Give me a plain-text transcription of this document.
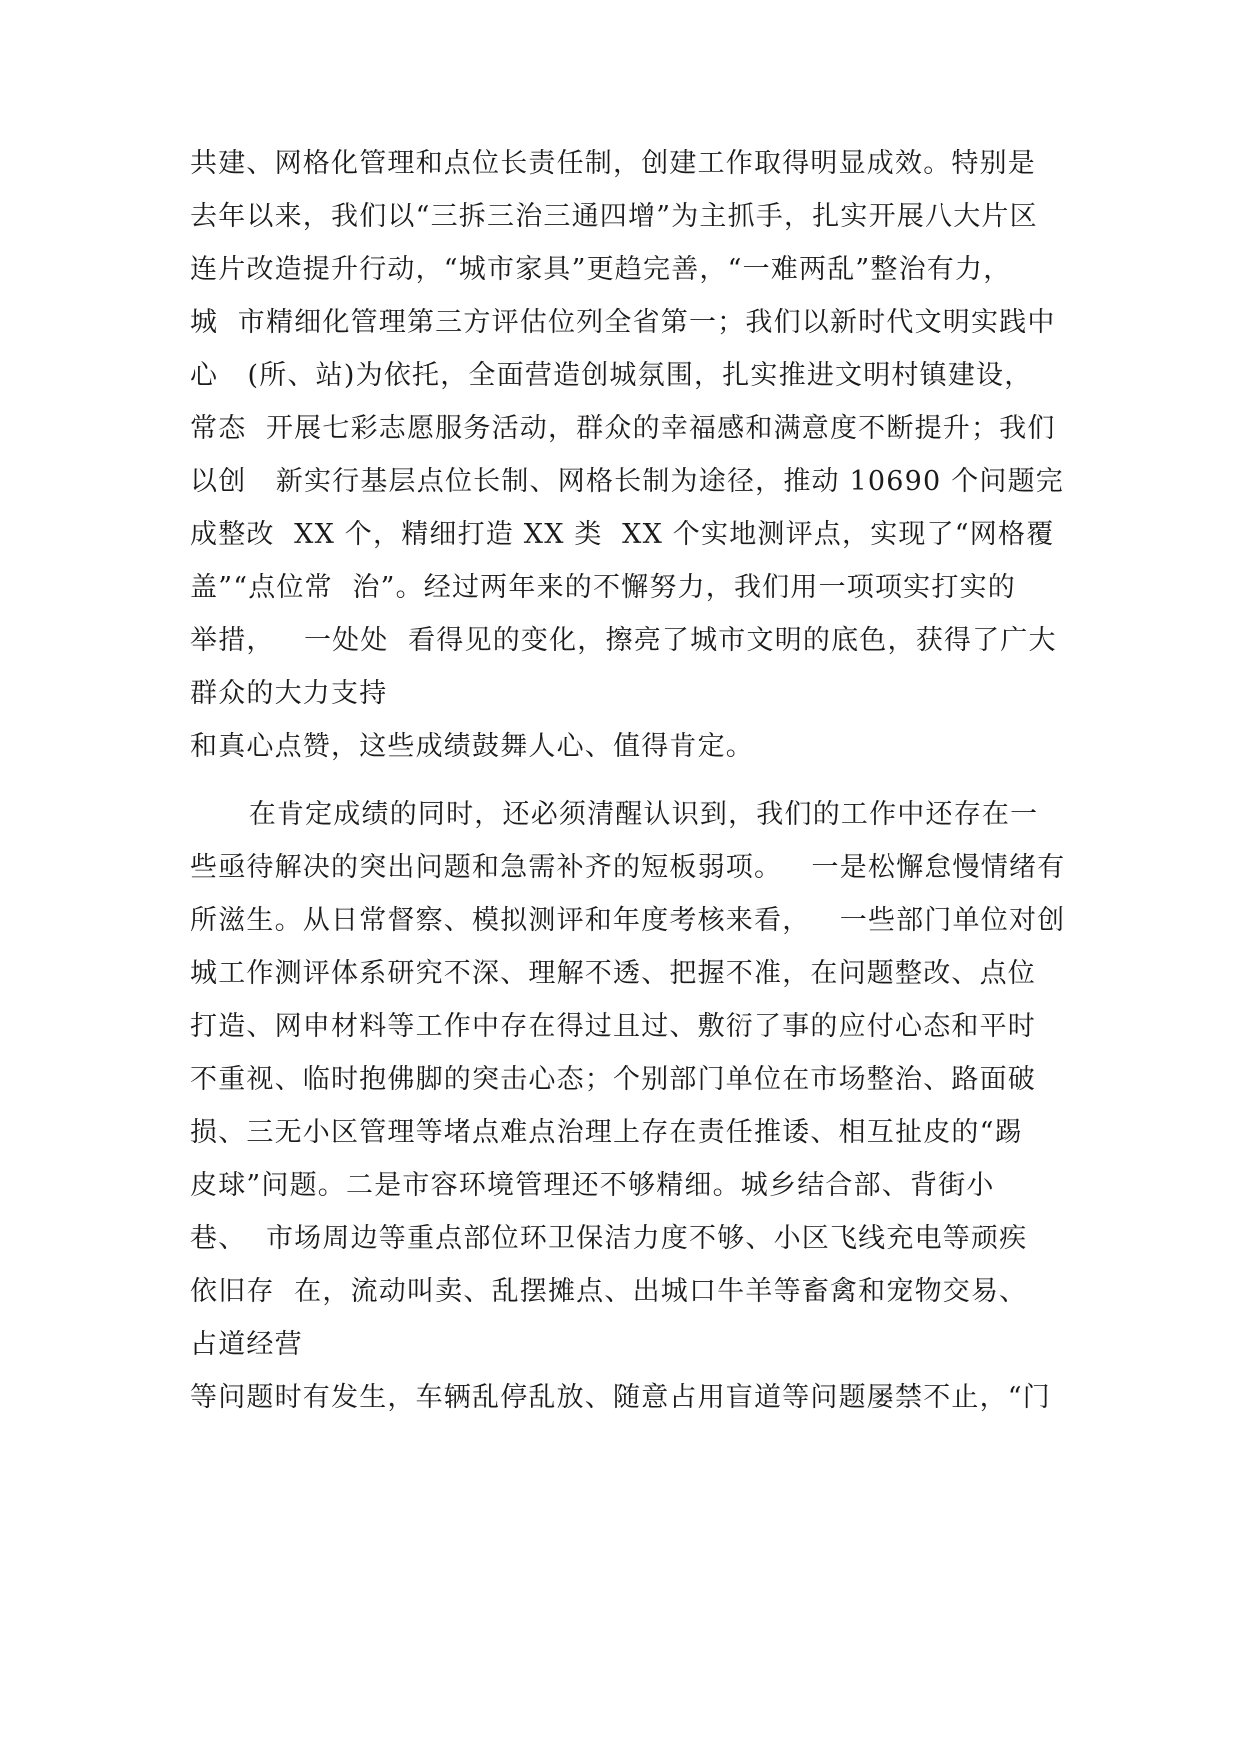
共建、网格化管理和点位长责任制，创建工作取得明显成效。特别是

去年以来，我们以“三拆三治三通四增”为主抓手，扎实开展八大片区

连片改造提升行动，“城市家具”更趋完善，“一难两乱”整治有力，

城  市精细化管理第三方评估位列全省第一；我们以新时代文明实践中

心   (所、站)为依托，全面营造创城氛围，扎实推进文明村镇建设，

常态  开展七彩志愿服务活动，群众的幸福感和满意度不断提升；我们

以创   新实行基层点位长制、网格长制为途径，推动 10690 个问题完

成整改  XX 个，精细打造 XX 类  XX 个实地测评点，实现了“网格覆

盖”“点位常  治”。经过两年来的不懈努力，我们用一项项实打实的

举措，   一处处  看得见的变化，擦亮了城市文明的底色，获得了广大

群众的大力支持

和真心点赞，这些成绩鼓舞人心、值得肯定。

在肯定成绩的同时，还必须清醒认识到，我们的工作中还存在一

些亟待解决的突出问题和急需补齐的短板弱项。   一是松懈怠慢情绪有

所滋生。从日常督察、模拟测评和年度考核来看，   一些部门单位对创

城工作测评体系研究不深、理解不透、把握不准，在问题整改、点位

打造、网申材料等工作中存在得过且过、敷衍了事的应付心态和平时

不重视、临时抱佛脚的突击心态；个别部门单位在市场整治、路面破

损、三无小区管理等堵点难点治理上存在责任推诿、相互扯皮的“踢

皮球”问题。二是市容环境管理还不够精细。城乡结合部、背街小

巷、  市场周边等重点部位环卫保洁力度不够、小区飞线充电等顽疾

依旧存  在，流动叫卖、乱摆摊点、出城口牛羊等畜禽和宠物交易、

占道经营

等问题时有发生，车辆乱停乱放、随意占用盲道等问题屡禁不止，“门
